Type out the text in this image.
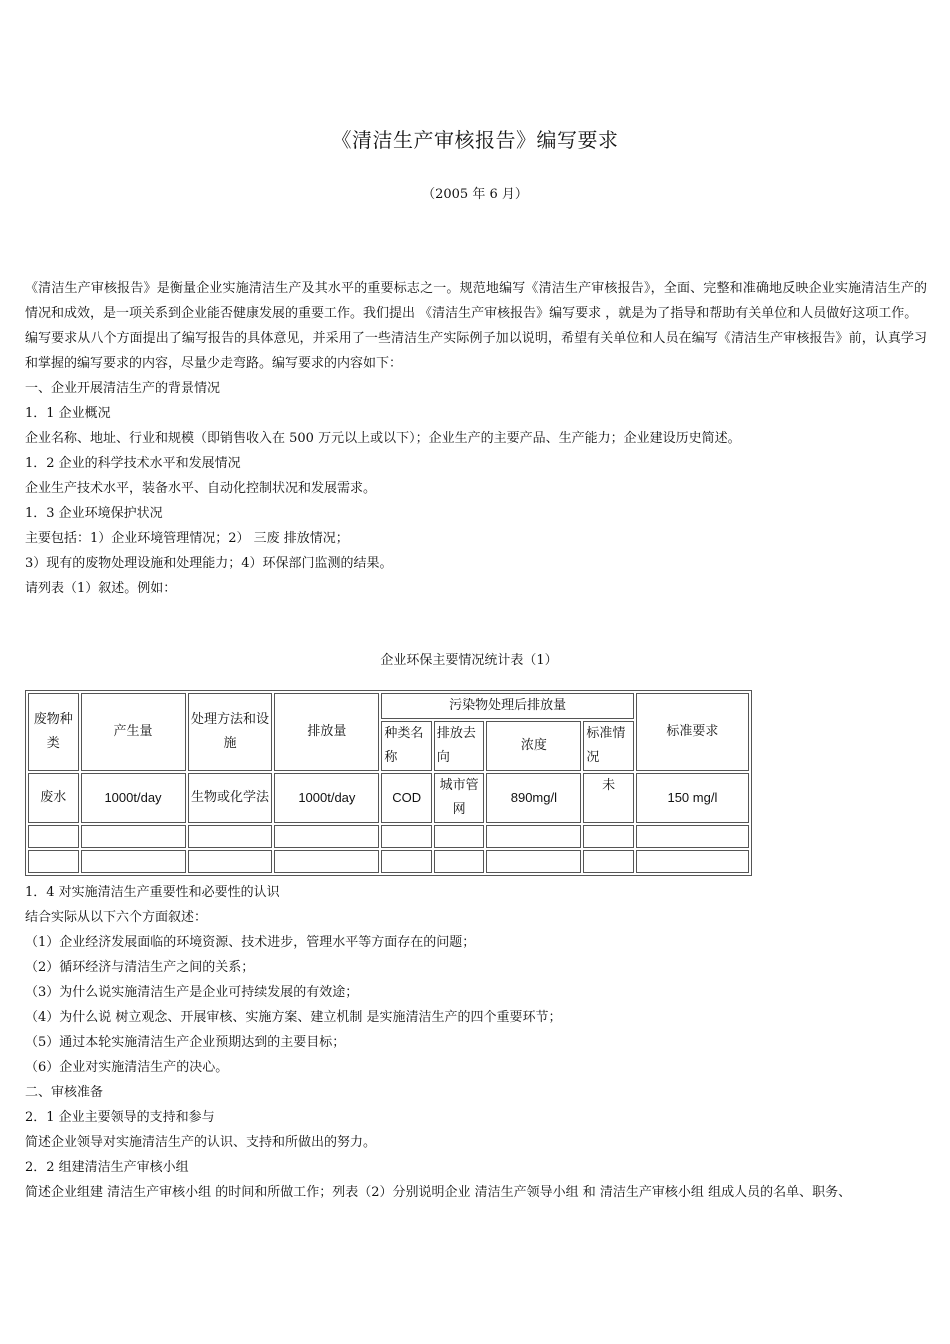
《清洁生产审核报告》编写要求
（2005 年 6 月）

《清洁生产审核报告》是衡量企业实施清洁生产及其水平的重要标志之一。规范地编写《清洁生产审核报告》，全面、完整和准确地反映企业实施清洁生产的情况和成效，是一项关系到企业能否健康发展的重要工作。我们提出 《清洁生产审核报告》编写要求 ，就是为了指导和帮助有关单位和人员做好这项工作。

编写要求从八个方面提出了编写报告的具体意见，并采用了一些清洁生产实际例子加以说明，希望有关单位和人员在编写《清洁生产审核报告》前，认真学习和掌握的编写要求的内容，尽量少走弯路。编写要求的内容如下：

一、企业开展清洁生产的背景情况

1．1 企业概况

企业名称、地址、行业和规模（即销售收入在 500 万元以上或以下）；企业生产的主要产品、生产能力；企业建设历史简述。

1．2 企业的科学技术水平和发展情况

企业生产技术水平，装备水平、自动化控制状况和发展需求。

1．3 企业环境保护状况

主要包括：1）企业环境管理情况；2） 三废 排放情况；

3）现有的废物处理设施和处理能力；4）环保部门监测的结果。

请列表（1）叙述。例如：

企业环保主要情况统计表（1）
废物种类	产生量	处理方法和设施	排放量	污染物处理后排放量				标准要求
				种类名称	排放去向	浓度	标准情况	
废水	1000t/day	生物或化学法	1000t/day	COD	城市管网	890mg/l	未	150 mg/l

1．4 对实施清洁生产重要性和必要性的认识

结合实际从以下六个方面叙述：

（1）企业经济发展面临的环境资源、技术进步，管理水平等方面存在的问题；

（2）循环经济与清洁生产之间的关系；

（3）为什么说实施清洁生产是企业可持续发展的有效途；

（4）为什么说 树立观念、开展审核、实施方案、建立机制 是实施清洁生产的四个重要环节；

（5）通过本轮实施清洁生产企业预期达到的主要目标；

（6）企业对实施清洁生产的决心。

二、审核准备

2．1 企业主要领导的支持和参与

简述企业领导对实施清洁生产的认识、支持和所做出的努力。

2．2 组建清洁生产审核小组

简述企业组建 清洁生产审核小组 的时间和所做工作；列表（2）分别说明企业 清洁生产领导小组 和 清洁生产审核小组 组成人员的名单、职务、
